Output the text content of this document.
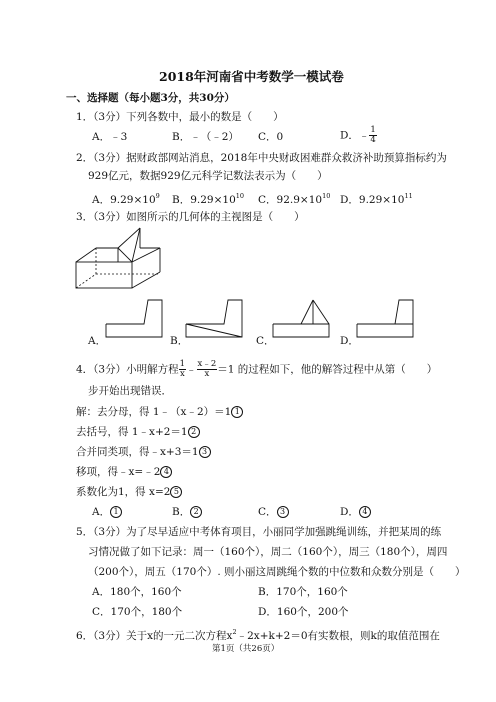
2018年河南省中考数学一模试卷
一、选择题（每小题3分，共30分）
1．（3分）下列各数中，最小的数是（　　）
A．﹣3	B．﹣（﹣2） C．0	D．﹣ $\frac{1}{4}$
2．（3分）据财政部网站消息，2018年中央财政困难群众救济补助预算指标约为
929亿元，数据929亿元科学记数法表示为（　　）
A．$9.29\times 10^9$ B．$9.29\times 10^{10}$ C．$92.9\times 10^{10}$ D．$9.29\times 10^{11}$
3．（3分）如图所示的几何体的主视图是（　　）
A．	B．	C．	D．
4．（3分）小明解方程 $\frac{1}{x}$ ﹣ $\frac{x﹣2}{x} =1$ 的过程如下，他的解答过程中从第（　　）
步开始出现错误．
解：去分母，得 1﹣（x﹣2）＝1 1
去括号，得 1﹣x+2＝1 2
合并同类项，得﹣x+3＝1 3
移项，得﹣x=﹣2 4
系数化为1，得 x=2 5
A． 1	B． 2	C． 3	D． 4
5．（3分）为了尽早适应中考体育项目，小丽同学加强跳绳训练，并把某周的练
习情况做了如下记录：周一（160个），周二（160个），周三（180个），周四
（200个），周五（170个）. 则小丽这周跳绳个数的中位数和众数分别是（　　）
A．180个，160个	B．170个，160个
C．170个，180个	D．160个，200个
6．（3分）关于x的一元二次方程$x^2﹣2x+k+2=0$有实数根，则k的取值范围在
第1页（共26页）
